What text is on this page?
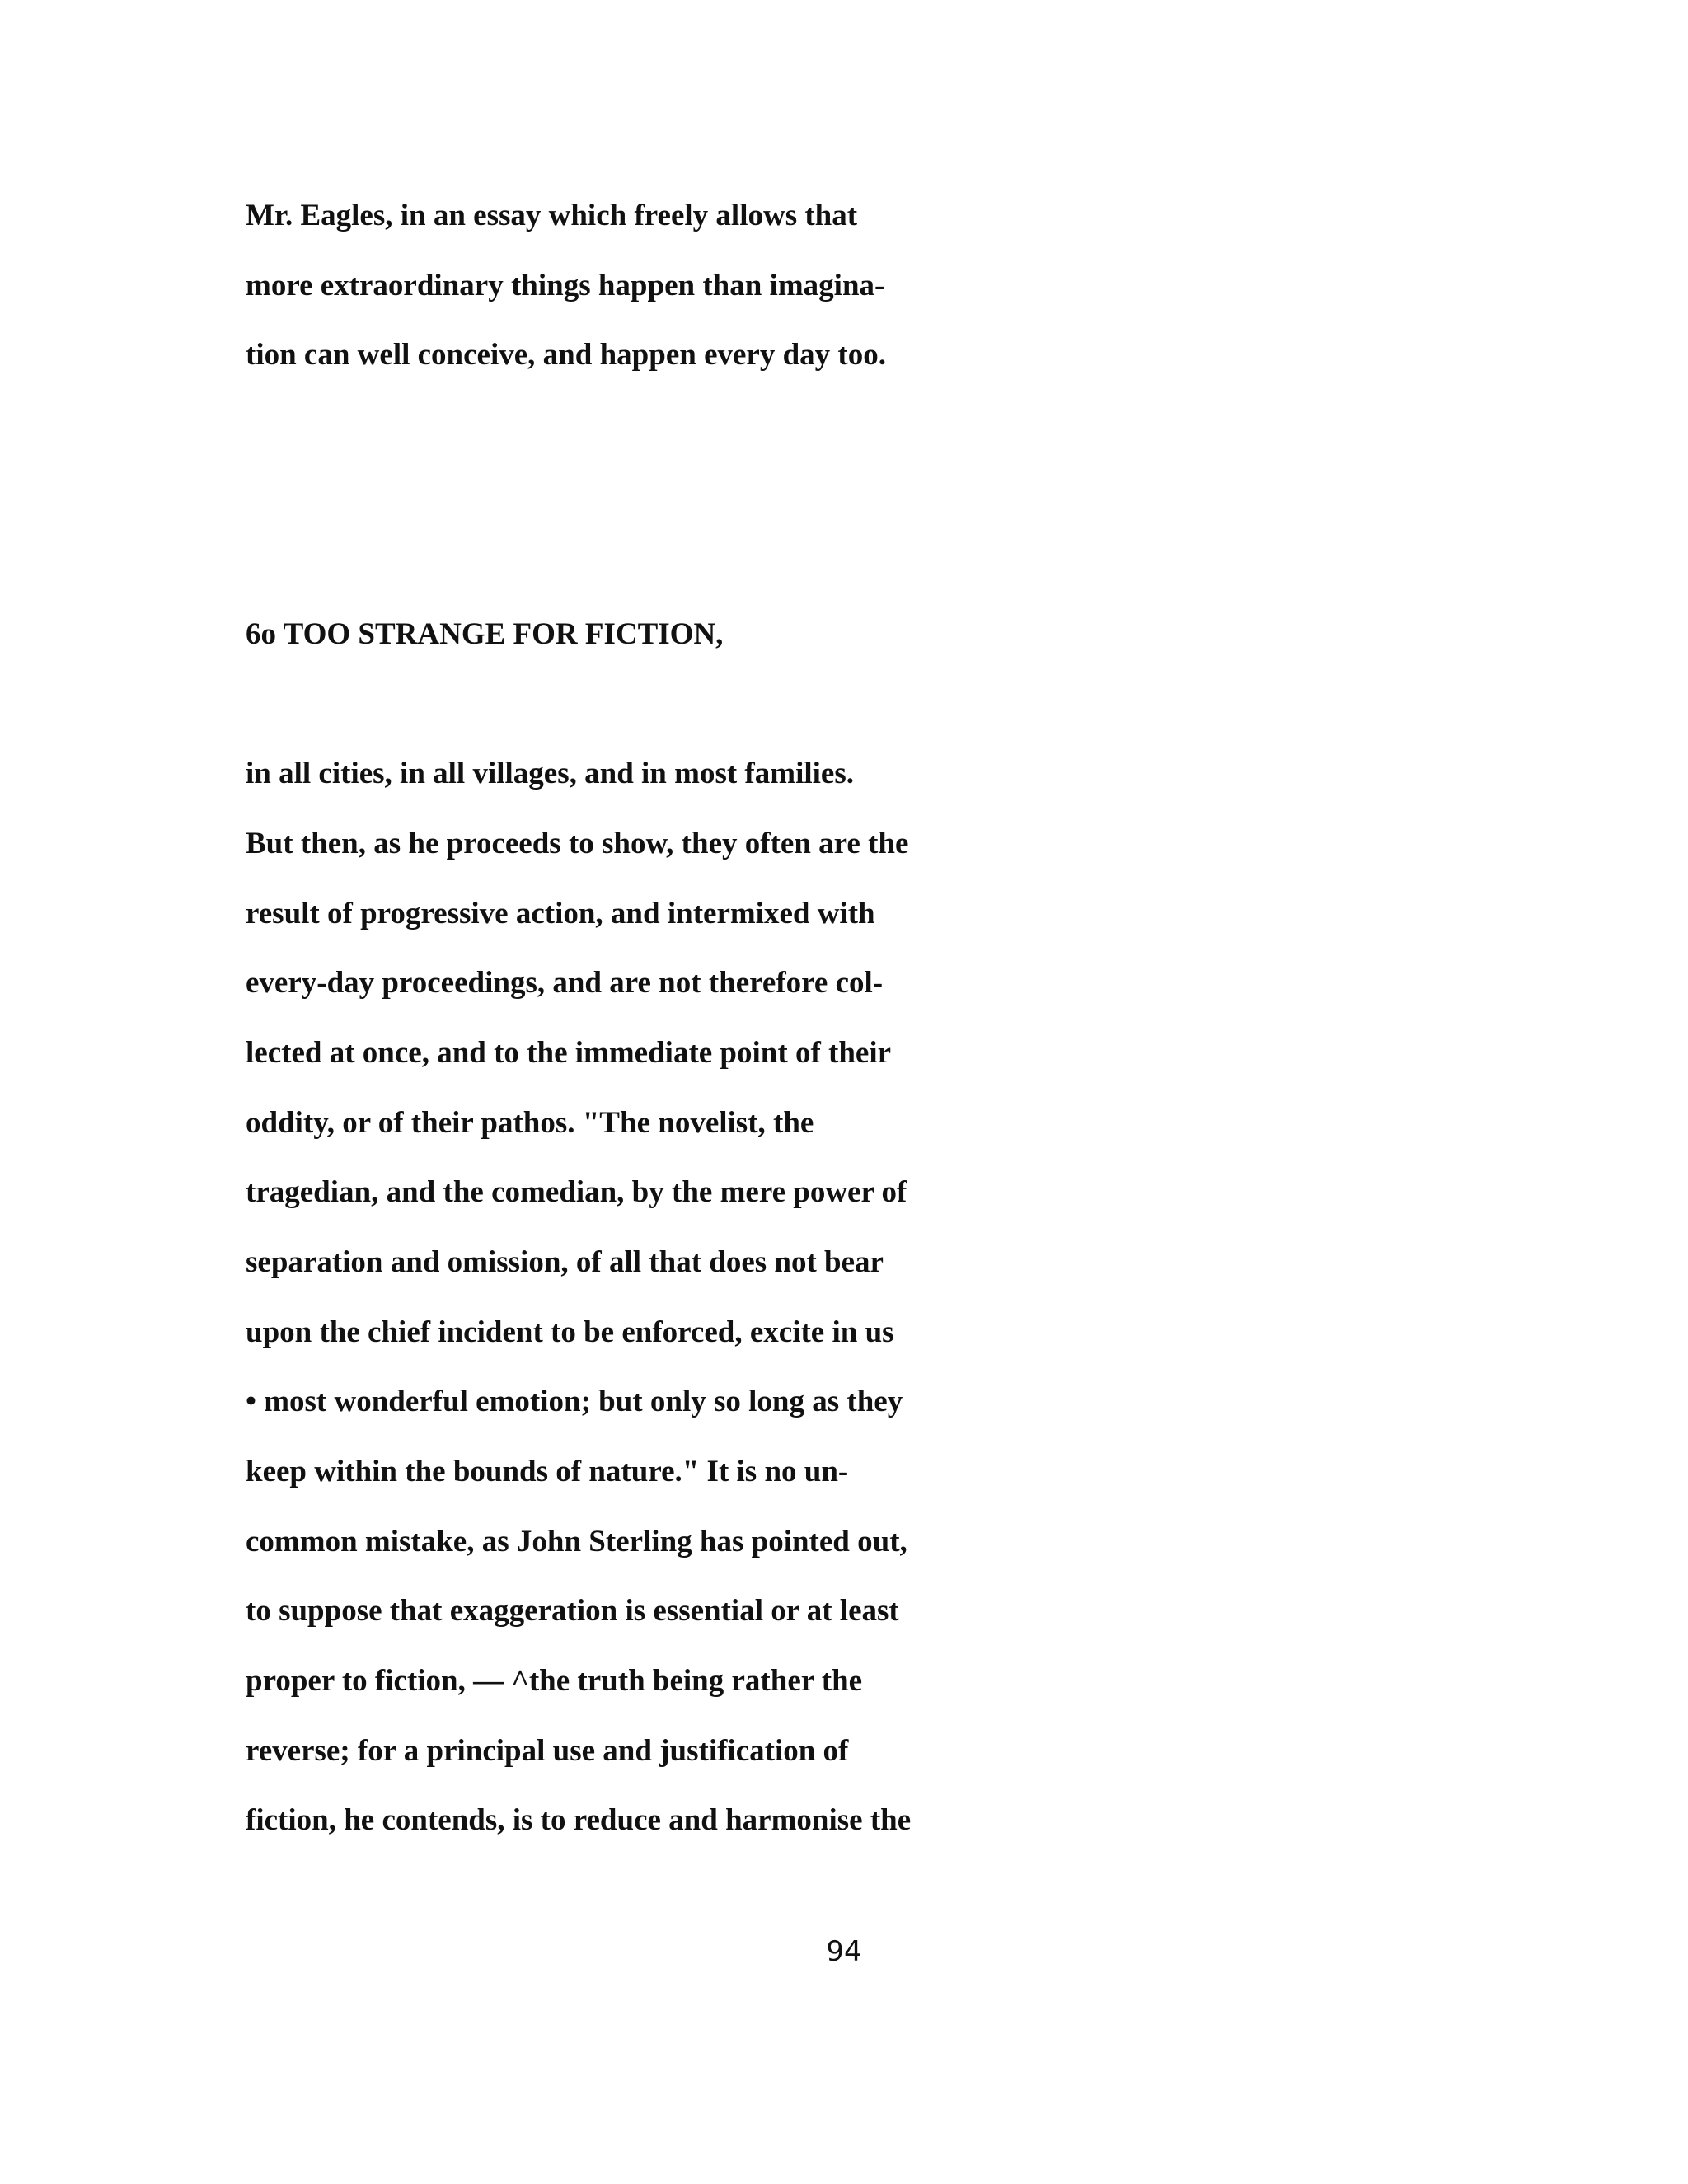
Mr. Eagles, in an essay which freely allows that

more extraordinary things happen than imagina-

tion can well conceive, and happen every day too.

6o TOO STRANGE FOR FICTION,

in all cities, in all villages, and in most families.

But then, as he proceeds to show, they often are the

result of progressive action, and intermixed with

every-day proceedings, and are not therefore col-

lected at once, and to the immediate point of their

oddity, or of their pathos. "The novelist, the

tragedian, and the comedian, by the mere power of

separation and omission, of all that does not bear

upon the chief incident to be enforced, excite in us

• most wonderful emotion; but only so long as they

keep within the bounds of nature." It is no un-

common mistake, as John Sterling has pointed out,

to suppose that exaggeration is essential or at least

proper to fiction, — ^the truth being rather the

reverse; for a principal use and justification of

fiction, he contends, is to reduce and harmonise the

94
